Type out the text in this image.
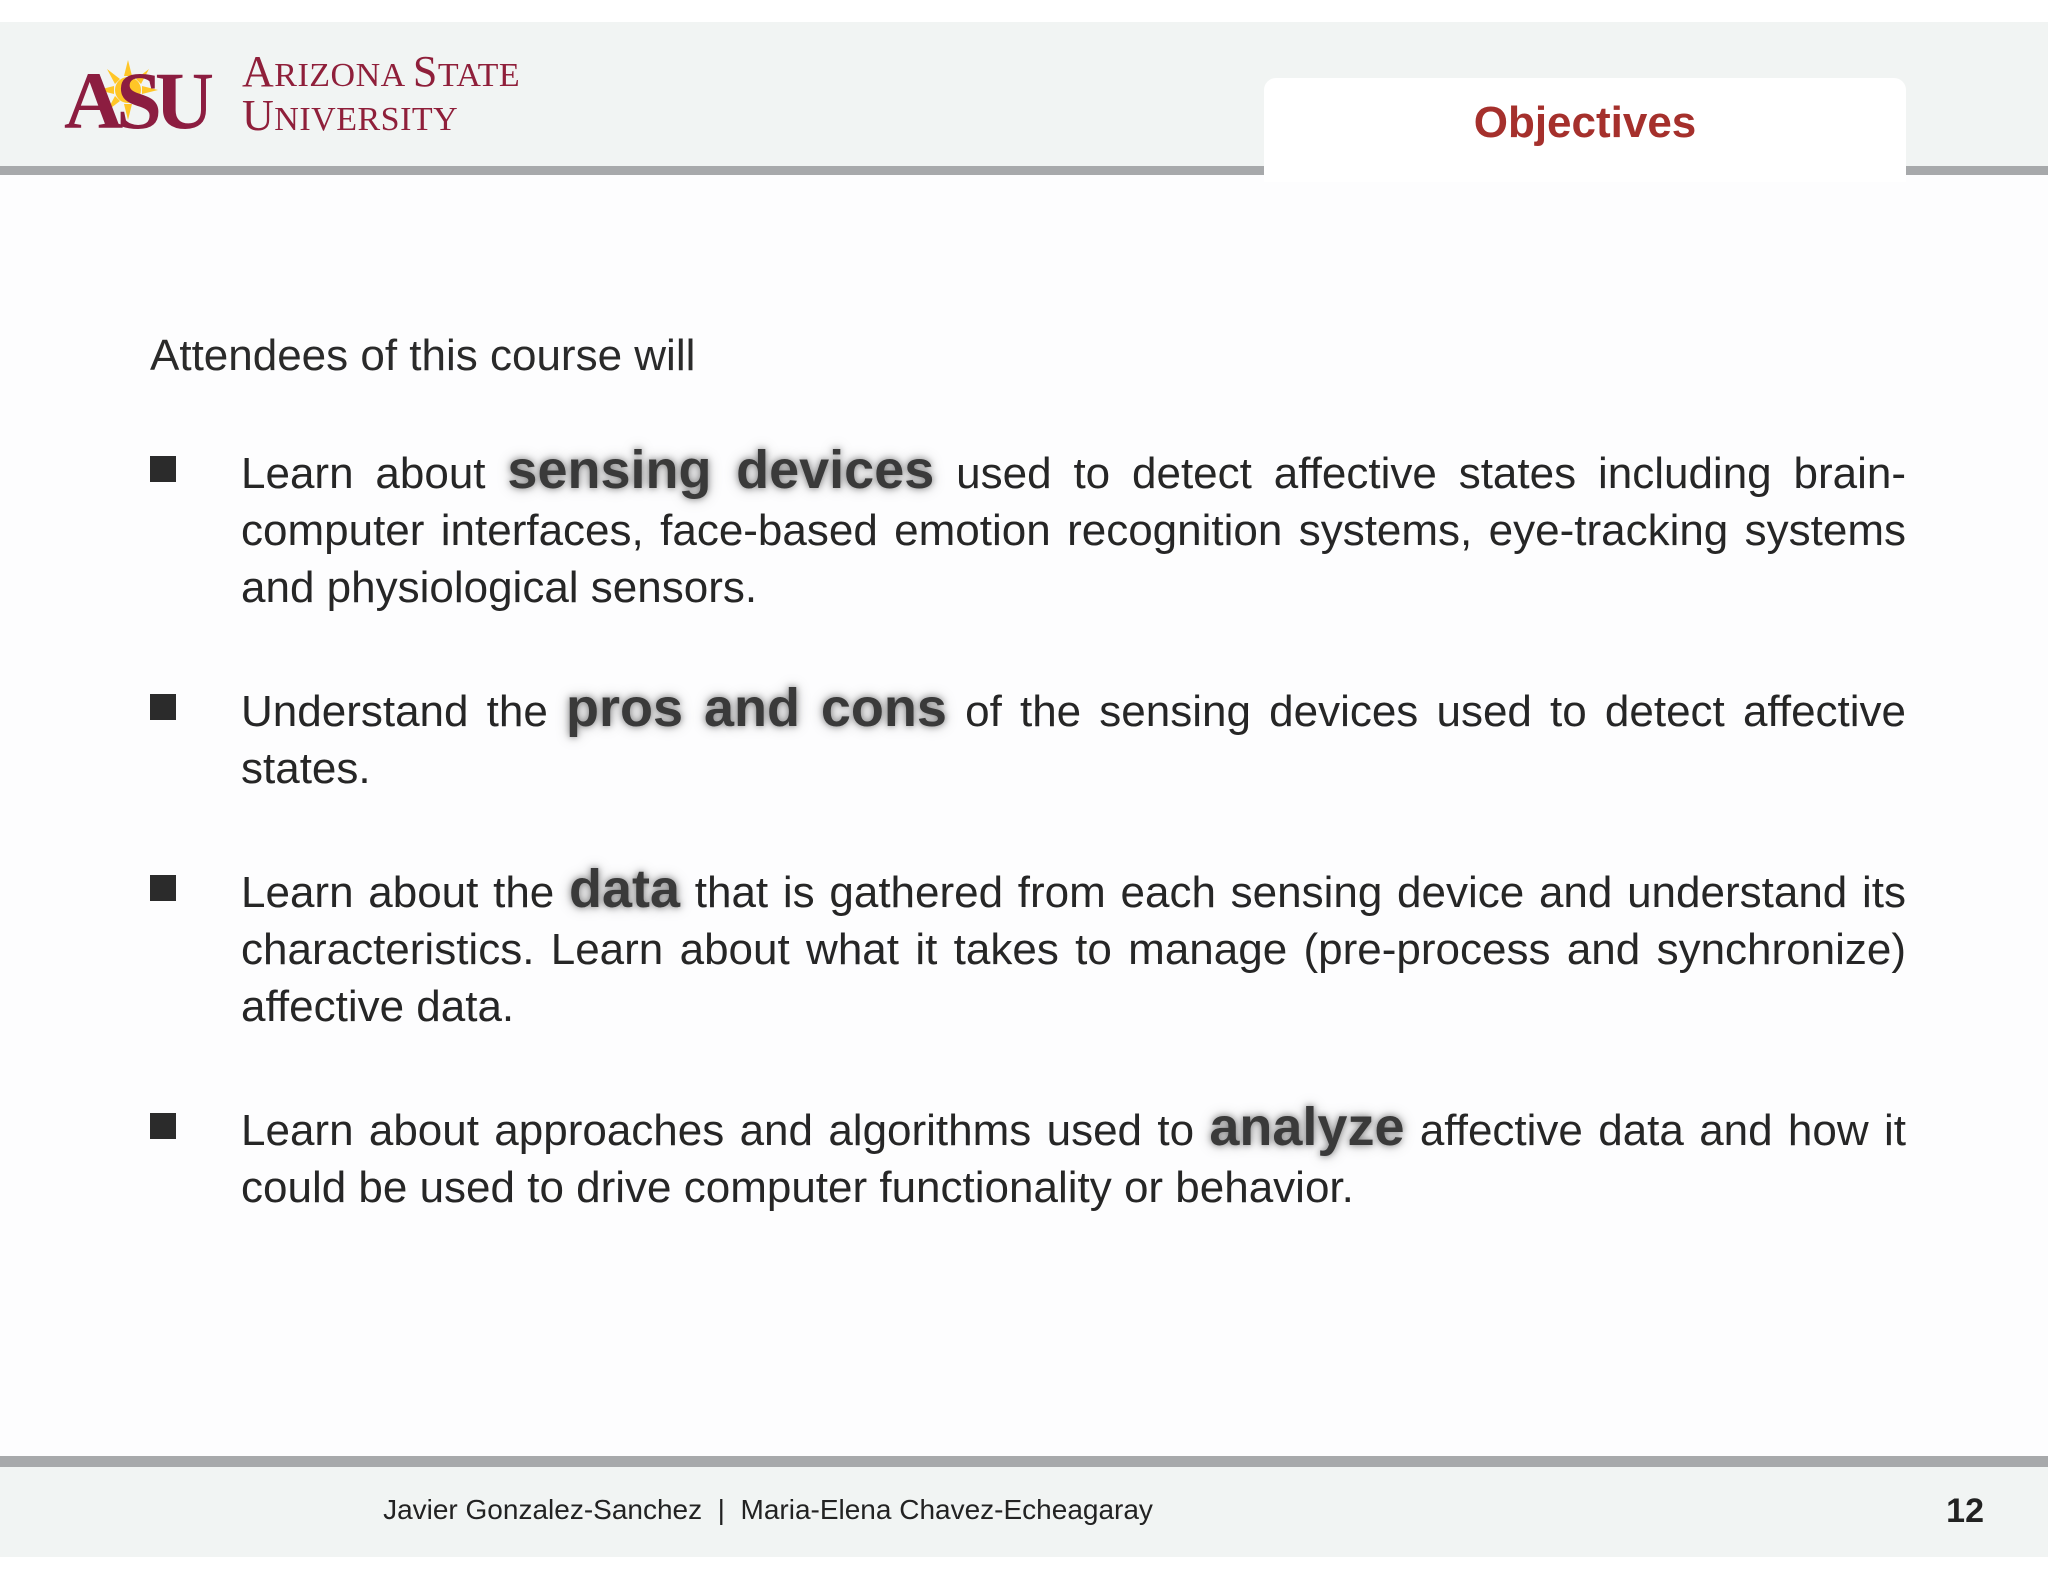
Objectives
ASU ARIZONA STATE
UNIVERSITY

Attendees of this course will

Learn about sensing devices used to detect affective states including brain-computer interfaces, face-based emotion recognition systems, eye-tracking systems and physiological sensors.
Understand the pros and cons of the sensing devices used to detect affective states.
Learn about the data that is gathered from each sensing device and understand its characteristics. Learn about what it takes to manage (pre-process and synchronize) affective data.
Learn about approaches and algorithms used to analyze affective data and how it could be used to drive computer functionality or behavior.
Javier Gonzalez-Sanchez  |  Maria-Elena Chavez-Echeagaray	12
